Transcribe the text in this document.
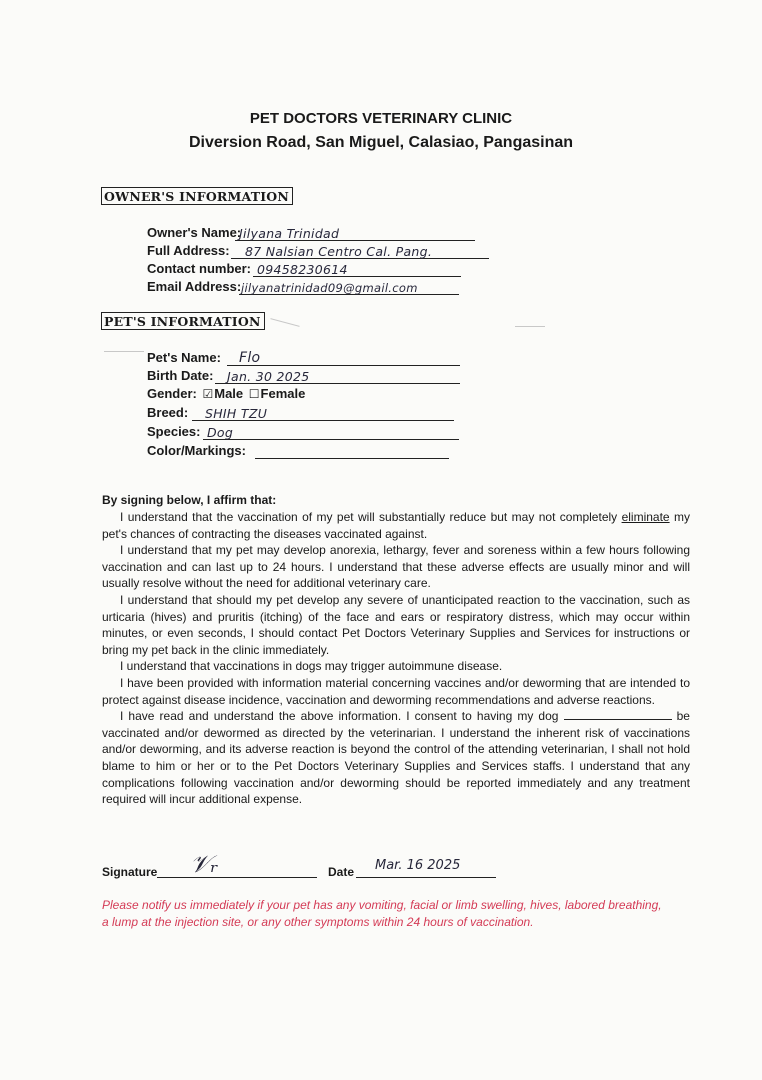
PET DOCTORS VETERINARY CLINIC
Diversion Road, San Miguel, Calasiao, Pangasinan
OWNER'S INFORMATION
Owner's Name:
Jilyana Trinidad
Full Address: 87 Nalsian Centro Cal. Pang.
Contact number: 09458230614
Email Address: jilyanatrinidad09@gmail.com
PET'S INFORMATION
Pet's Name: Flo
Birth Date: Jan. 30 2025
Gender: ☑Male ☐Female
Breed: SHIH TZU
Species: Dog
Color/Markings:
By signing below, I affirm that:

I understand that the vaccination of my pet will substantially reduce but may not completely eliminate my pet's chances of contracting the diseases vaccinated against.

I understand that my pet may develop anorexia, lethargy, fever and soreness within a few hours following vaccination and can last up to 24 hours. I understand that these adverse effects are usually minor and will usually resolve without the need for additional veterinary care.

I understand that should my pet develop any severe of unanticipated reaction to the vaccination, such as urticaria (hives) and pruritis (itching) of the face and ears or respiratory distress, which may occur within minutes, or even seconds, I should contact Pet Doctors Veterinary Supplies and Services for instructions or bring my pet back in the clinic immediately.

I understand that vaccinations in dogs may trigger autoimmune disease.

I have been provided with information material concerning vaccines and/or deworming that are intended to protect against disease incidence, vaccination and deworming recommendations and adverse reactions.

I have read and understand the above information. I consent to having my dog	be vaccinated and/or dewormed as directed by the veterinarian. I understand the inherent risk of vaccinations and/or deworming, and its adverse reaction is beyond the control of the attending veterinarian, I shall not hold blame to him or her or to the Pet Doctors Veterinary Supplies and Services staffs. I understand that any complications following vaccination and/or deworming should be reported immediately and any treatment required will incur additional expense.

Signature 𝒱ᵣ	Date Mar. 16 2025
Please notify us immediately if your pet has any vomiting, facial or limb swelling, hives, labored breathing, a lump at the injection site, or any other symptoms within 24 hours of vaccination.
